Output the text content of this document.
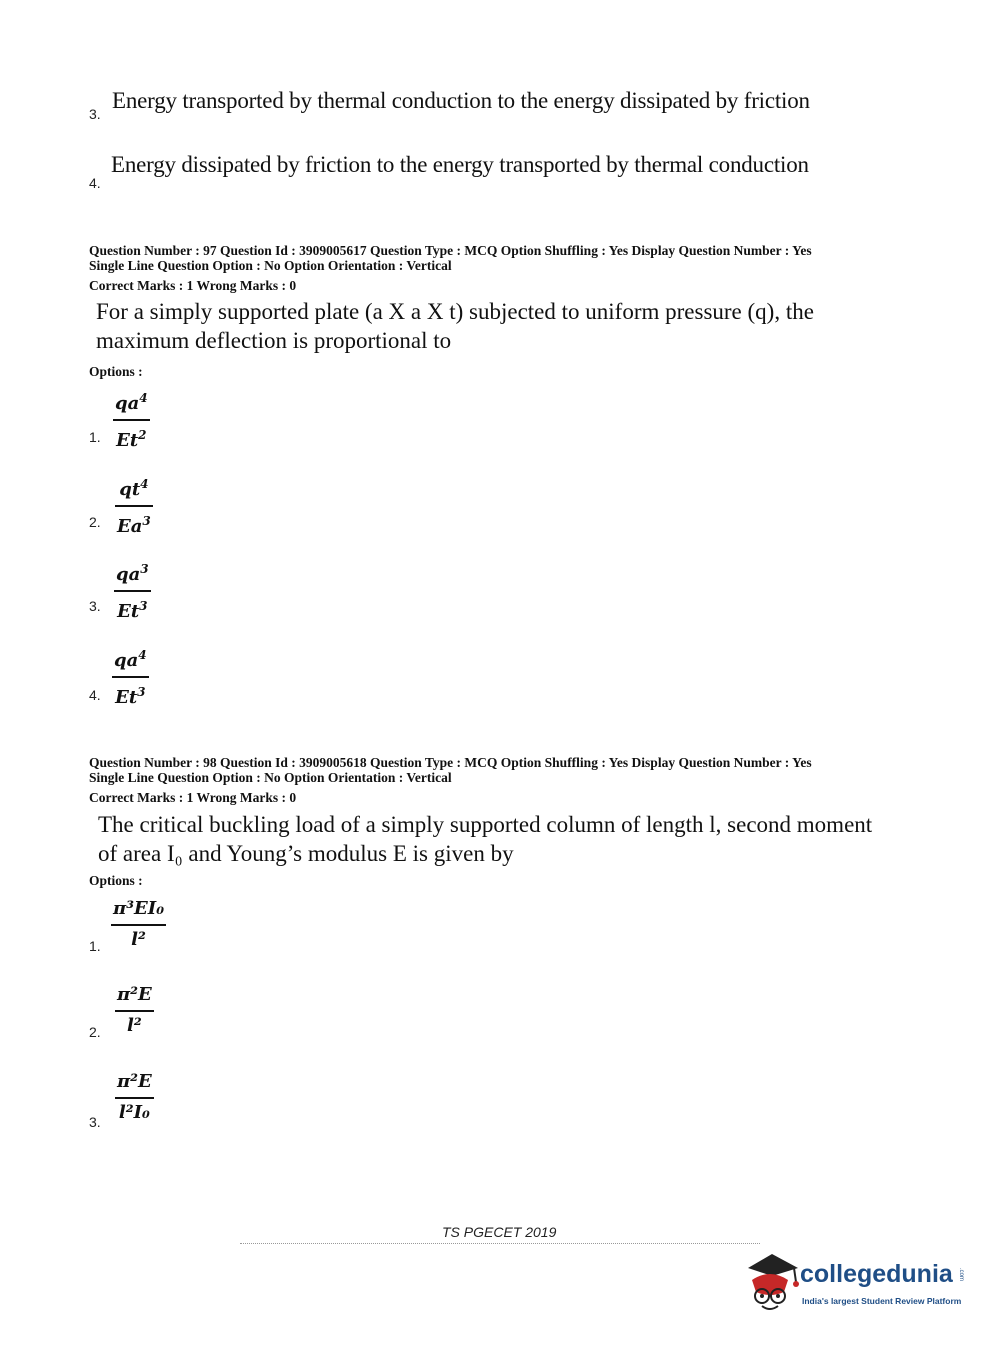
3.
Energy transported by thermal conduction to the energy dissipated by friction
4.
Energy dissipated by friction to the energy transported by thermal conduction
Question Number : 97 Question Id : 3909005617 Question Type : MCQ Option Shuffling : Yes Display Question Number : Yes
Single Line Question Option : No Option Orientation : Vertical
Correct Marks : 1 Wrong Marks : 0
For a simply supported plate (a X a X t) subjected to uniform pressure (q), the
maximum deflection is proportional to
Options :
1.
$qa^4$
Et$^2$
2.
$qt^4$
Ea$^3$
3.
$qa^3$
Et$^3$
4.
$qa^4$
Et$^3$
Question Number : 98 Question Id : 3909005618 Question Type : MCQ Option Shuffling : Yes Display Question Number : Yes
Single Line Question Option : No Option Orientation : Vertical
Correct Marks : 1 Wrong Marks : 0
The critical buckling load of a simply supported column of length l, second moment
of area I₀ and Young’s modulus E is given by
Options :
1.
π³EI₀
l²
2.
π²E
l²
3.
π²E
l²I₀
TS PGECET 2019
collegedunia .com
India's largest Student Review Platform
